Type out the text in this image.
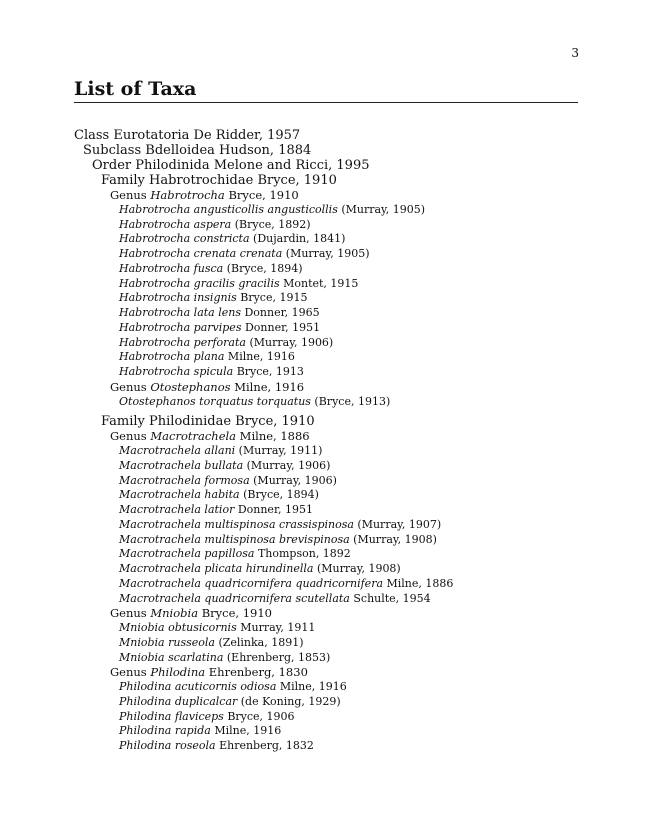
3
List of Taxa
Class Eurotatoria De Ridder, 1957
Subclass Bdelloidea Hudson, 1884
Order Philodinida Melone and Ricci, 1995
Family Habrotrochidae Bryce, 1910
Genus Habrotrocha Bryce, 1910
Habrotrocha angusticollis angusticollis (Murray, 1905)
Habrotrocha aspera (Bryce, 1892)
Habrotrocha constricta (Dujardin, 1841)
Habrotrocha crenata crenata (Murray, 1905)
Habrotrocha fusca (Bryce, 1894)
Habrotrocha gracilis gracilis Montet, 1915
Habrotrocha insignis Bryce, 1915
Habrotrocha lata lens Donner, 1965
Habrotrocha parvipes Donner, 1951
Habrotrocha perforata (Murray, 1906)
Habrotrocha plana Milne, 1916
Habrotrocha spicula Bryce, 1913
Genus Otostephanos Milne, 1916
Otostephanos torquatus torquatus (Bryce, 1913)
Family Philodinidae Bryce, 1910
Genus Macrotrachela Milne, 1886
Macrotrachela allani (Murray, 1911)
Macrotrachela bullata (Murray, 1906)
Macrotrachela formosa (Murray, 1906)
Macrotrachela habita (Bryce, 1894)
Macrotrachela latior Donner, 1951
Macrotrachela multispinosa crassispinosa (Murray, 1907)
Macrotrachela multispinosa brevispinosa (Murray, 1908)
Macrotrachela papillosa Thompson, 1892
Macrotrachela plicata hirundinella (Murray, 1908)
Macrotrachela quadricornifera quadricornifera Milne, 1886
Macrotrachela quadricornifera scutellata Schulte, 1954
Genus Mniobia Bryce, 1910
Mniobia obtusicornis Murray, 1911
Mniobia russeola (Zelinka, 1891)
Mniobia scarlatina (Ehrenberg, 1853)
Genus Philodina Ehrenberg, 1830
Philodina acuticornis odiosa Milne, 1916
Philodina duplicalcar (de Koning, 1929)
Philodina flaviceps Bryce, 1906
Philodina rapida Milne, 1916
Philodina roseola Ehrenberg, 1832
